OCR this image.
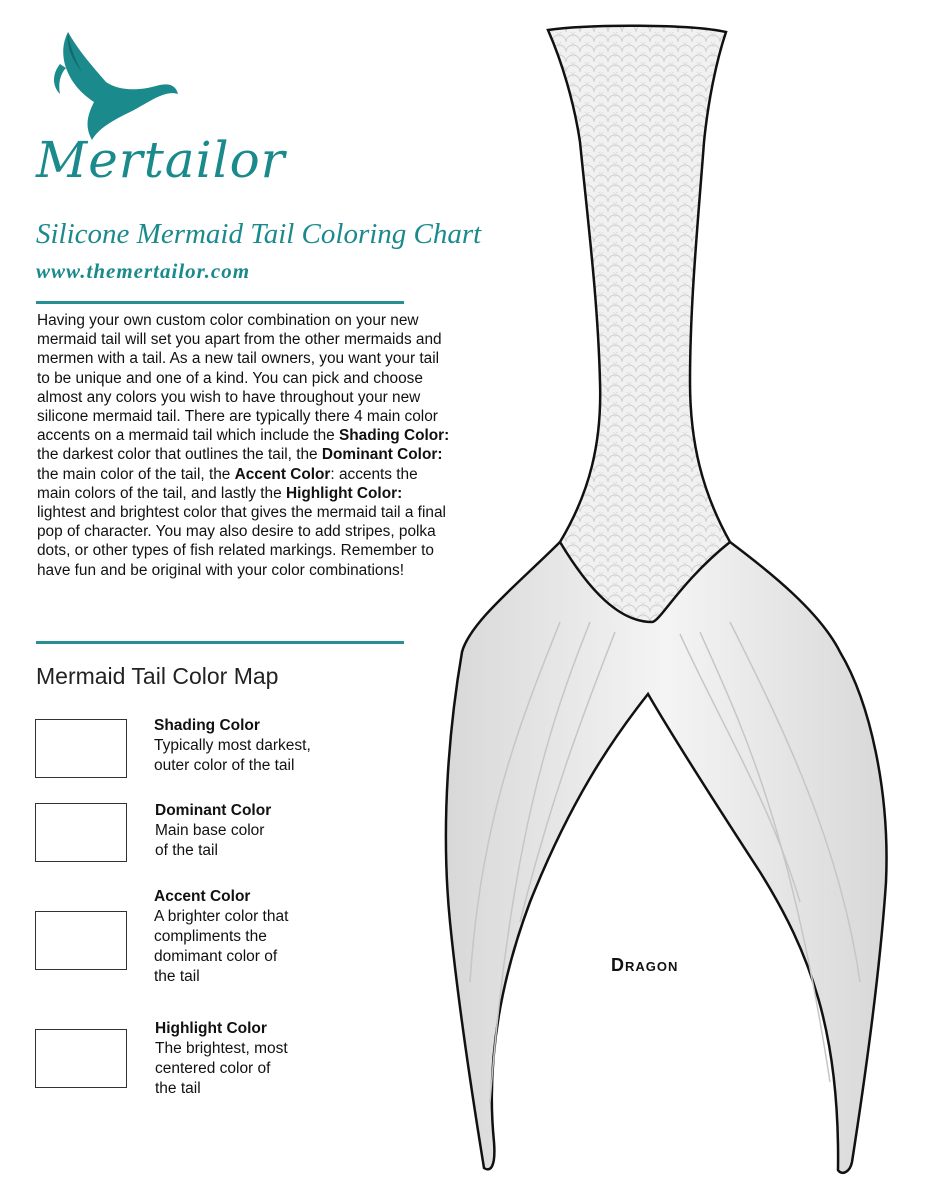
Mertailor
Silicone Mermaid Tail Coloring Chart
www.themertailor.com
Having your own custom color combination on your new mermaid tail will set you apart from the other mermaids and mermen with a tail. As a new tail owners, you want your tail to be unique and one of a kind. You can pick and choose almost any colors you wish to have throughout your new silicone mermaid tail. There are typically there 4 main color accents on a mermaid tail which include the Shading Color: the darkest color that outlines the tail, the Dominant Color: the main color of the tail, the Accent Color: accents the main colors of the tail, and lastly the Highlight Color: lightest and brightest color that gives the mermaid tail a final pop of character. You may also desire to add stripes, polka dots, or other types of fish related markings. Remember to have fun and be original with your color combinations!
Mermaid Tail Color Map
Shading Color
Typically most darkest,
outer color of the tail
Dominant Color
Main base color
of the tail
Accent Color
A brighter color that
compliments the
domimant color of
the tail
Highlight Color
The brightest, most
centered color of
the tail
Dragon
